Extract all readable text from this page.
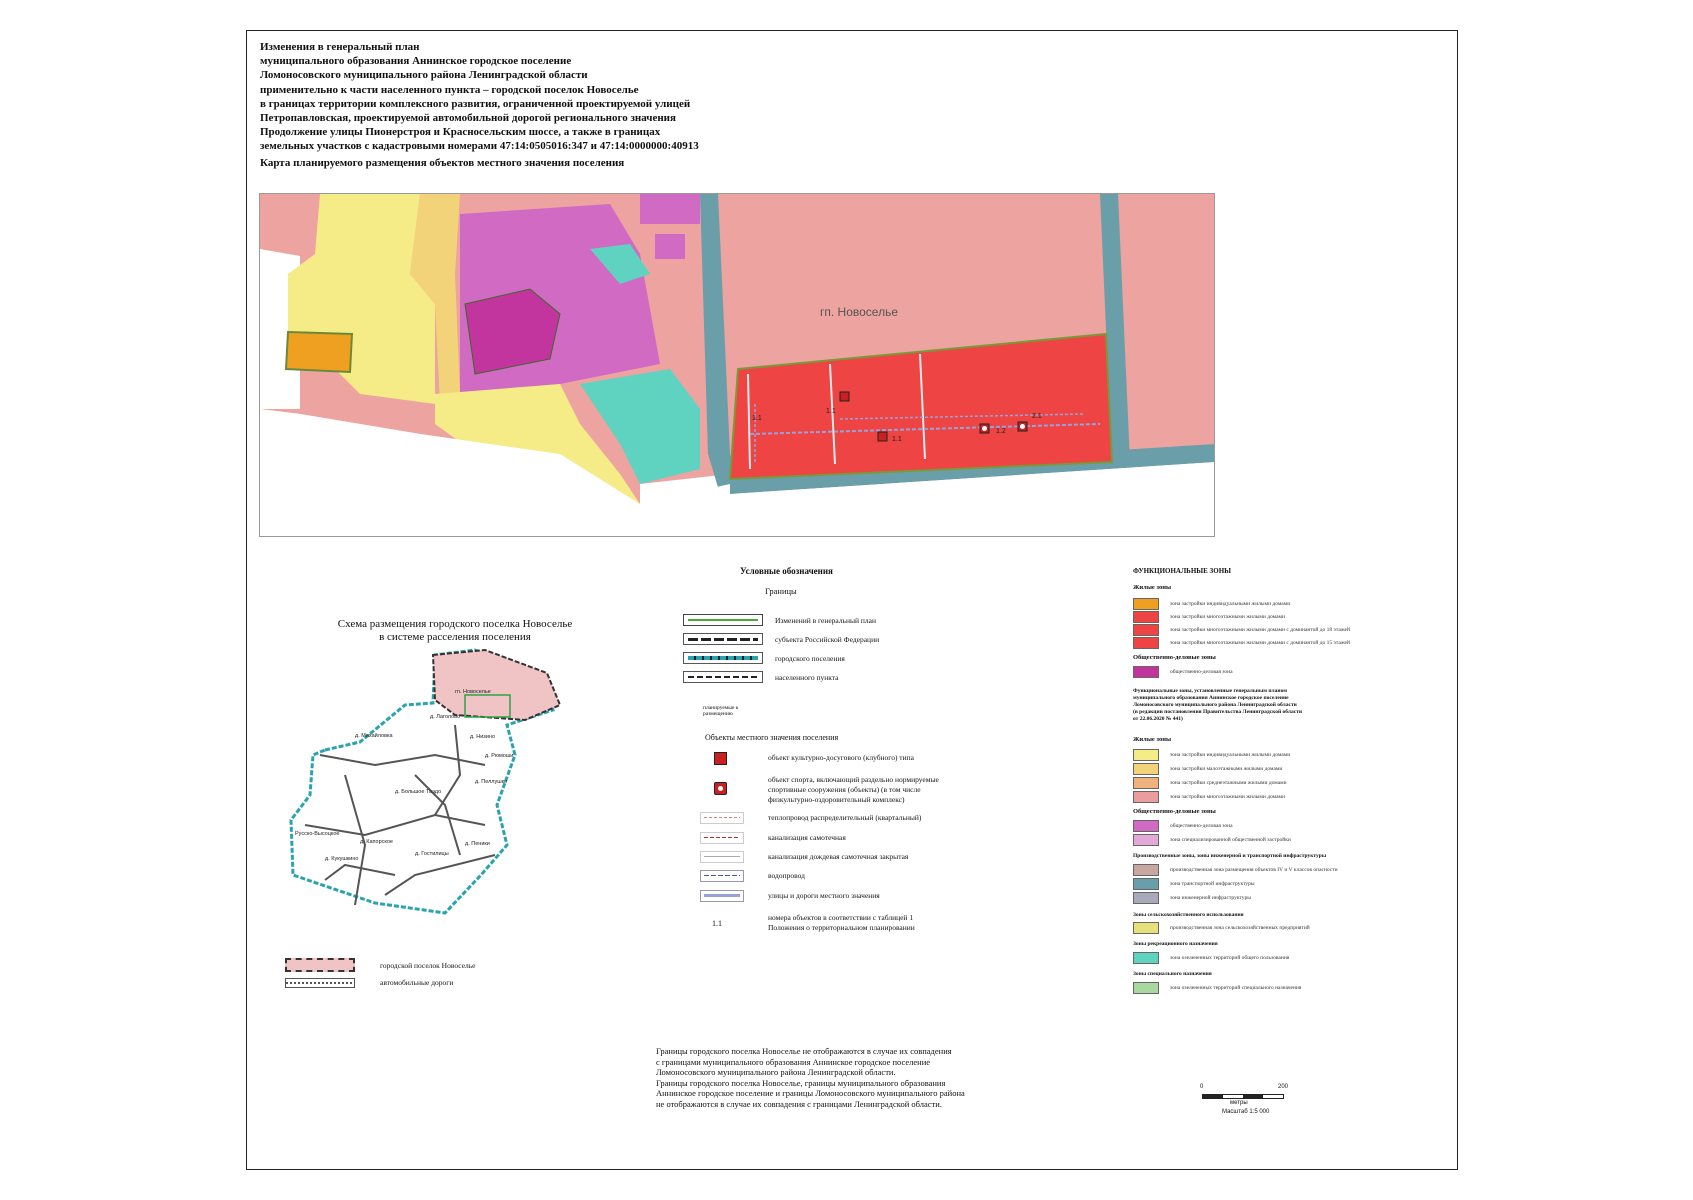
Изменения в генеральный план
муниципального образования Аннинское городское поселение
Ломоносовского муниципального района Ленинградской области
применительно к части населенного пункта – городской поселок Новоселье
в границах территории комплексного развития, ограниченной проектируемой улицей
Петропавловская, проектируемой автомобильной дорогой регионального значения
Продолжение улицы Пионерстроя и Красносельским шоссе, а также в границах
земельных участков с кадастровыми номерами 47:14:0505016:347 и 47:14:0000000:40913
Карта планируемого размещения объектов местного значения поселения
гп. Новоселье
1.1
1.1
1.1
1.2
2.1
Схема размещения городского поселка Новоселье
в системе расселения поселения
гп. Новоселье
д. Низино
д. Лаголово
д. Пеллушки
д. Михайловка
д. Рюмоши
д. Большое Таэдо
д. Капорское	д. Пеники
д. Гостилицы
Русско-Высоцкое
д. Кукушкино
городской поселок Новоселье
автомобильные дороги
Условные обозначения
Границы
Изменений в генеральный план
субъекта Российской Федерации
городского поселения
населенного пункта
планируемые к размещению
Объекты местного значения поселения
объект культурно-досугового (клубного) типа
объект спорта, включающий раздельно нормируемые
спортивные сооружения (объекты) (в том числе
физкультурно-оздоровительный комплекс)
теплопровод распределительный (квартальный)
канализация самотечная
канализация дождевая самотечная закрытая
водопровод
улицы и дороги местного значения
1.1
номера объектов в соответствии с таблицей 1
Положения о территориальном планировании
ФУНКЦИОНАЛЬНЫЕ ЗОНЫ
Жилые зоны
зона застройки индивидуальными жилыми домами
зона застройки многоэтажными жилыми домами
зона застройки многоэтажными жилыми домами с доминантой до 18 этажей
зона застройки многоэтажными жилыми домами с доминантой до 15 этажей
Общественно-деловые зоны
общественно-деловая зона
Функциональные зоны, установленные генеральным планом
муниципального образования Аннинское городское поселение
Ломоносовского муниципального района Ленинградской области
(в редакции постановления Правительства Ленинградской области
от 22.06.2020 № 441)
Жилые зоны
зона застройки индивидуальными жилыми домами
зона застройки малоэтажными жилыми домами
зона застройки среднеэтажными жилыми домами
зона застройки многоэтажными жилыми домами
Общественно-деловые зоны
общественно-деловая зона
зона специализированной общественной застройки
Производственные зоны, зоны инженерной и транспортной инфраструктуры
производственная зона размещения объектов IV и V классов опасности
зона транспортной инфраструктуры
зона инженерной инфраструктуры
Зоны сельскохозяйственного использования
производственная зона сельскохозяйственных предприятий
Зоны рекреационного назначения
зона озелененных территорий общего пользования
Зоны специального назначения
зона озелененных территорий специального назначения
Границы городского поселка Новоселье не отображаются в случае их совпадения
с границами муниципального образования Аннинское городское поселение
Ломоносовского муниципального района Ленинградской области.
Границы городского поселка Новоселье, границы муниципального образования
Аннинское городское поселение и границы Ломоносовского муниципального района
не отображаются в случае их совпадения с границами Ленинградской области.
0	200
метры
Масштаб 1:5 000
